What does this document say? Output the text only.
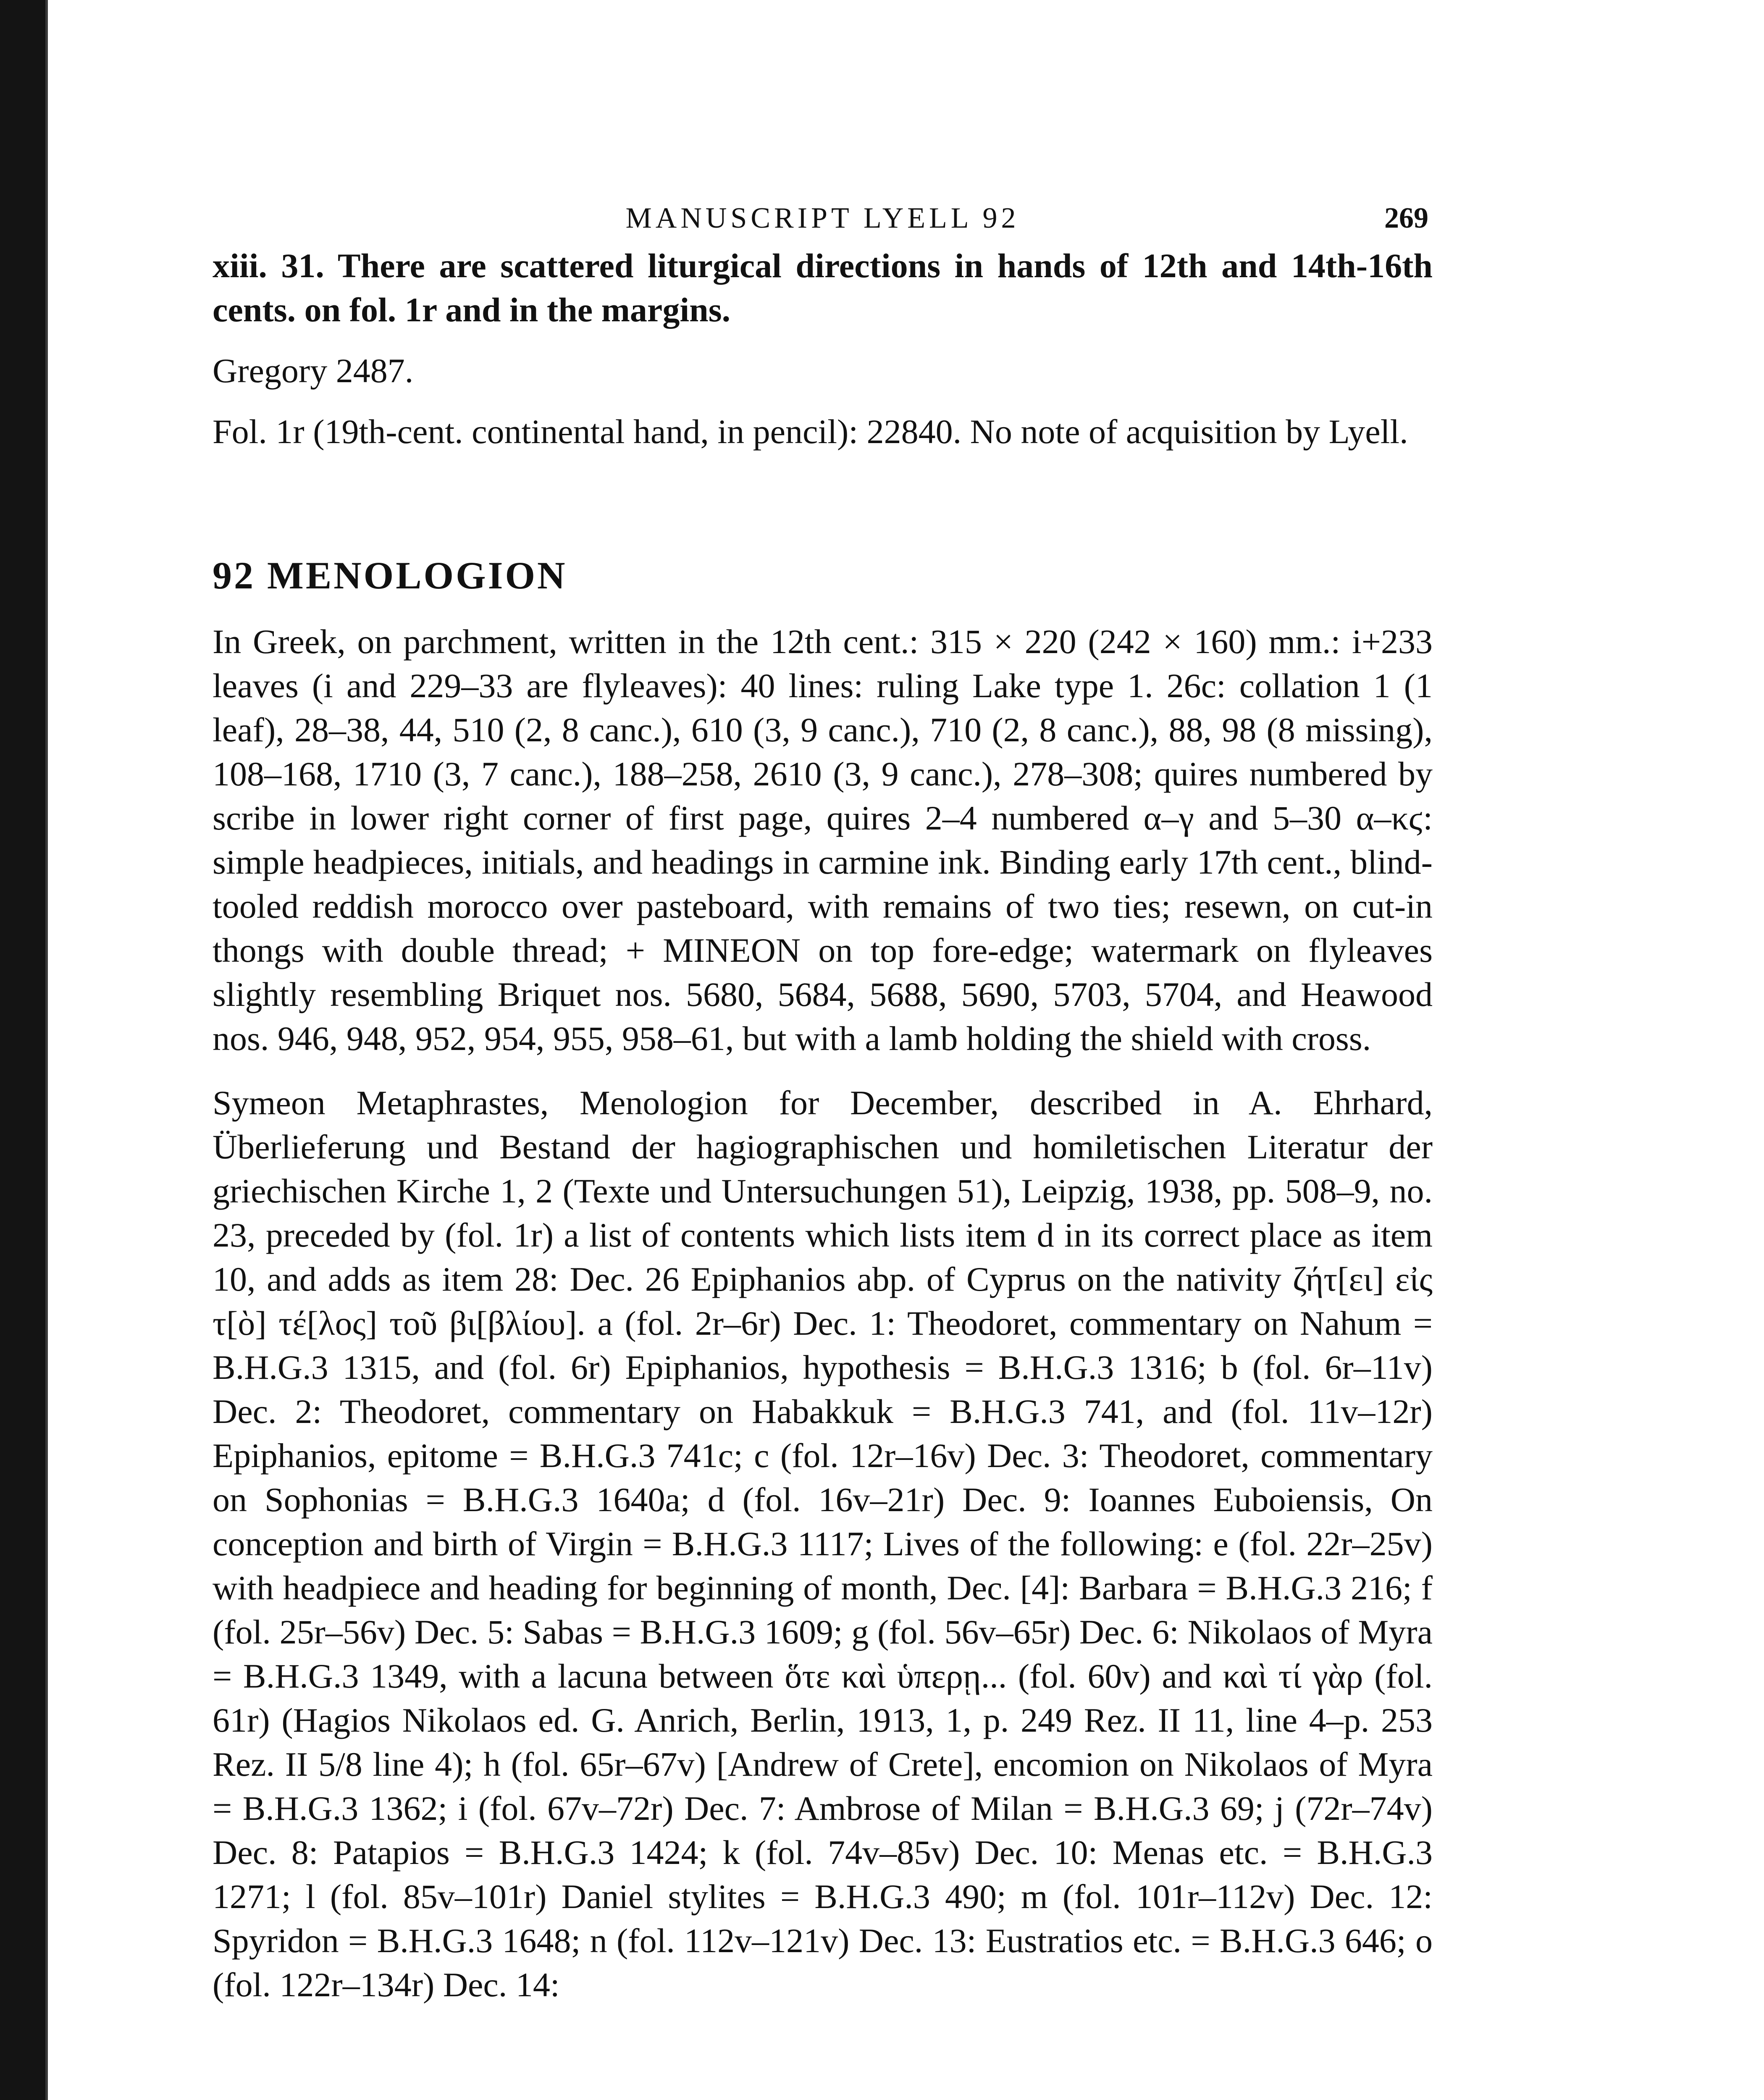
MANUSCRIPT LYELL 92	269

xiii. 31. There are scattered liturgical directions in hands of 12th and 14th-16th cents. on fol. 1r and in the margins.

Gregory 2487.

Fol. 1r (19th-cent. continental hand, in pencil): 22840. No note of acquisition by Lyell.

92 MENOLOGION

In Greek, on parchment, written in the 12th cent.: 315 × 220 (242 × 160) mm.: i+233 leaves (i and 229–33 are flyleaves): 40 lines: ruling Lake type 1. 26c: collation 1 (1 leaf), 28–38, 44, 510 (2, 8 canc.), 610 (3, 9 canc.), 710 (2, 8 canc.), 88, 98 (8 missing), 108–168, 1710 (3, 7 canc.), 188–258, 2610 (3, 9 canc.), 278–308; quires numbered by scribe in lower right corner of first page, quires 2–4 numbered α–γ and 5–30 α–κϛ: simple headpieces, initials, and headings in carmine ink. Binding early 17th cent., blind-tooled reddish morocco over pasteboard, with remains of two ties; resewn, on cut-in thongs with double thread; + MINEON on top fore-edge; watermark on flyleaves slightly resembling Briquet nos. 5680, 5684, 5688, 5690, 5703, 5704, and Heawood nos. 946, 948, 952, 954, 955, 958–61, but with a lamb holding the shield with cross.

Symeon Metaphrastes, Menologion for December, described in A. Ehrhard, Überlieferung und Bestand der hagiographischen und homiletischen Literatur der griechischen Kirche 1, 2 (Texte und Untersuchungen 51), Leipzig, 1938, pp. 508–9, no. 23, preceded by (fol. 1r) a list of contents which lists item d in its correct place as item 10, and adds as item 28: Dec. 26 Epiphanios abp. of Cyprus on the nativity ζήτ[ει] εἰς τ[ὸ] τέ[λος] τοῦ βι[βλίου]. a (fol. 2r–6r) Dec. 1: Theodoret, commentary on Nahum = B.H.G.3 1315, and (fol. 6r) Epiphanios, hypothesis = B.H.G.3 1316; b (fol. 6r–11v) Dec. 2: Theodoret, commentary on Habakkuk = B.H.G.3 741, and (fol. 11v–12r) Epiphanios, epitome = B.H.G.3 741c; c (fol. 12r–16v) Dec. 3: Theodoret, commentary on Sophonias = B.H.G.3 1640a; d (fol. 16v–21r) Dec. 9: Ioannes Euboiensis, On conception and birth of Virgin = B.H.G.3 1117; Lives of the following: e (fol. 22r–25v) with headpiece and heading for beginning of month, Dec. [4]: Barbara = B.H.G.3 216; f (fol. 25r–56v) Dec. 5: Sabas = B.H.G.3 1609; g (fol. 56v–65r) Dec. 6: Nikolaos of Myra = B.H.G.3 1349, with a lacuna between ὅτε καὶ ὑπερῃ... (fol. 60v) and καὶ τί γὰρ (fol. 61r) (Hagios Nikolaos ed. G. Anrich, Berlin, 1913, 1, p. 249 Rez. II 11, line 4–p. 253 Rez. II 5/8 line 4); h (fol. 65r–67v) [Andrew of Crete], encomion on Nikolaos of Myra = B.H.G.3 1362; i (fol. 67v–72r) Dec. 7: Ambrose of Milan = B.H.G.3 69; j (72r–74v) Dec. 8: Patapios = B.H.G.3 1424; k (fol. 74v–85v) Dec. 10: Menas etc. = B.H.G.3 1271; l (fol. 85v–101r) Daniel stylites = B.H.G.3 490; m (fol. 101r–112v) Dec. 12: Spyridon = B.H.G.3 1648; n (fol. 112v–121v) Dec. 13: Eustratios etc. = B.H.G.3 646; o (fol. 122r–134r) Dec. 14:
